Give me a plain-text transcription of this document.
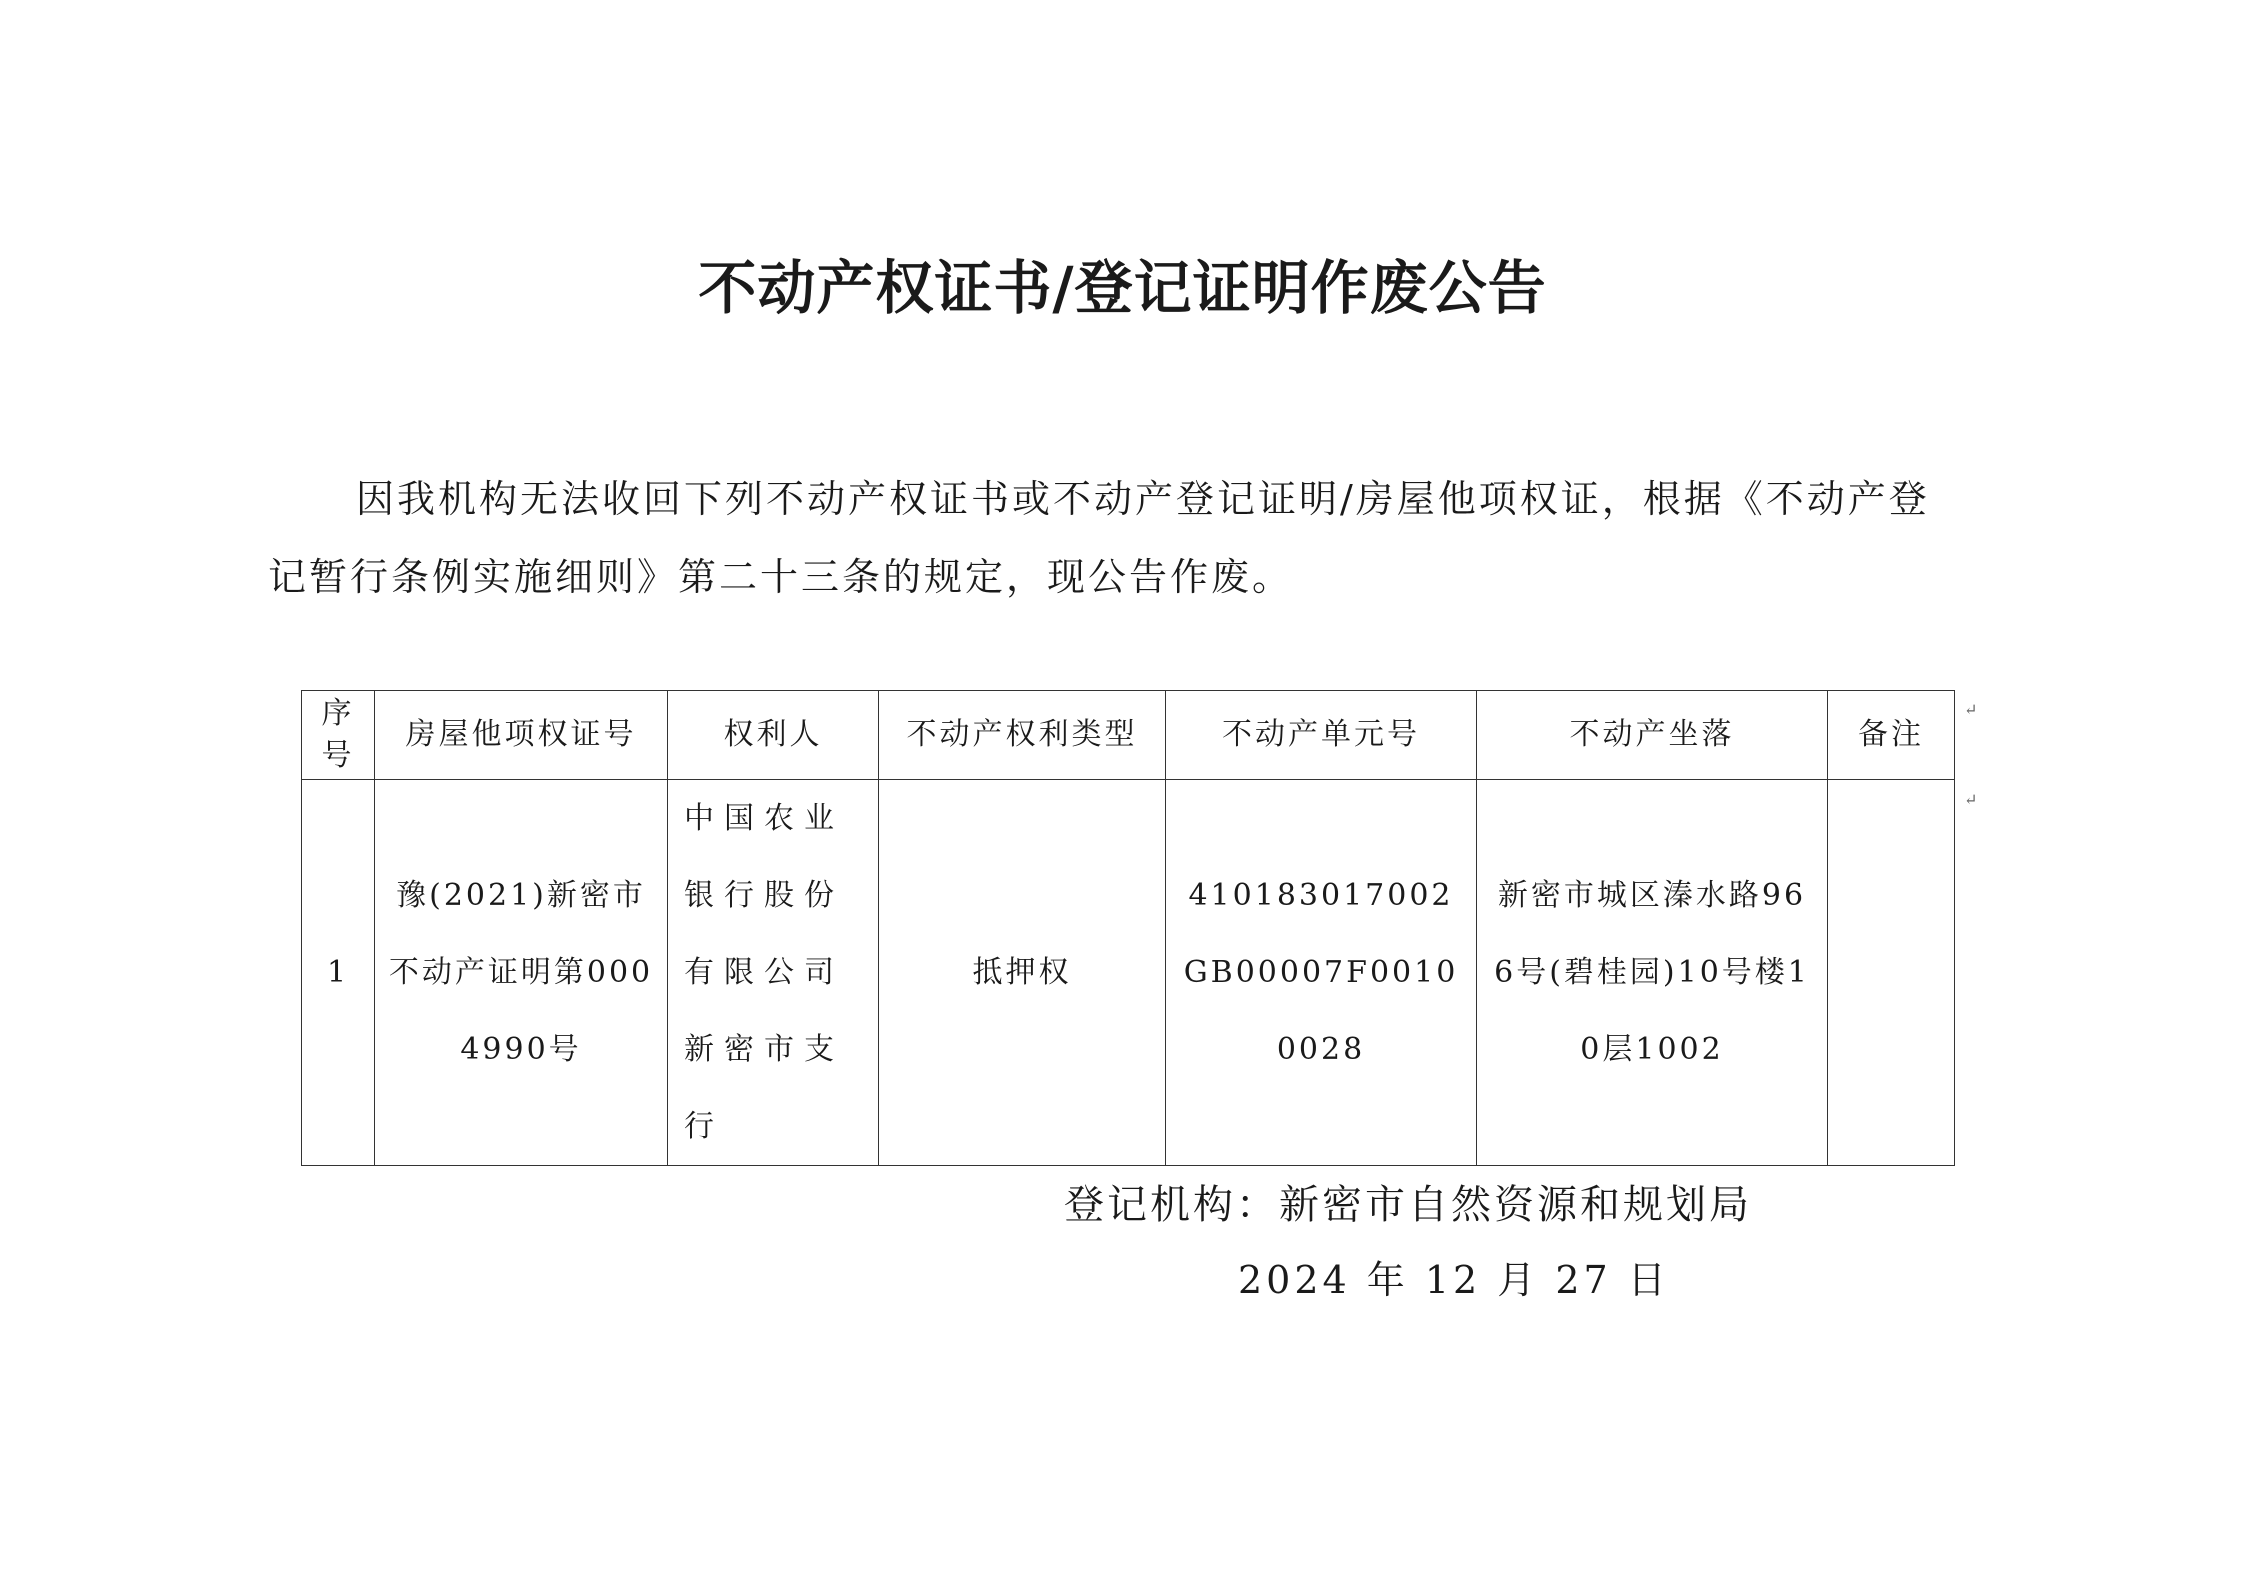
不动产权证书/登记证明作废公告

因我机构无法收回下列不动产权证书或不动产登记证明/房屋他项权证，根据《不动产登记暂行条例实施细则》第二十三条的规定，现公告作废。

序号	房屋他项权证号	权利人	不动产权利类型	不动产单元号	不动产坐落	备注
1	豫(2021)新密市不动产证明第0004990号	中国农业银行股份有限公司新密市支行	抵押权	410183017002GB00007F00100028	新密市城区溱水路966号(碧桂园)10号楼10层1002	
↵
↵
登记机构：新密市自然资源和规划局
2024 年 12 月 27 日
